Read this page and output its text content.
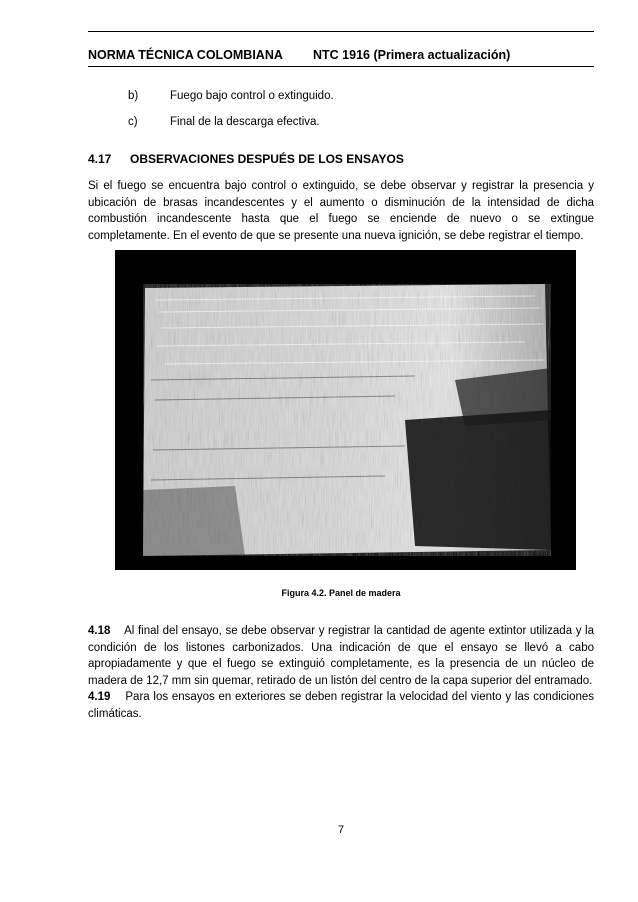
NORMA TÉCNICA COLOMBIANA NTC 1916 (Primera actualización)
b)	Fuego bajo control o extinguido.
c)	Final de la descarga efectiva.
4.17 OBSERVACIONES DESPUÉS DE LOS ENSAYOS
Si el fuego se encuentra bajo control o extinguido, se debe observar y registrar la presencia y ubicación de brasas incandescentes y el aumento o disminución de la intensidad de dicha combustión incandescente hasta que el fuego se enciende de nuevo o se extingue completamente. En el evento de que se presente una nueva ignición, se debe registrar el tiempo.
Figura 4.2. Panel de madera
4.18 Al final del ensayo, se debe observar y registrar la cantidad de agente extintor utilizada y la condición de los listones carbonizados. Una indicación de que el ensayo se llevó a cabo apropiadamente y que el fuego se extinguió completamente, es la presencia de un núcleo de madera de 12,7 mm sin quemar, retirado de un listón del centro de la capa superior del entramado.
4.19 Para los ensayos en exteriores se deben registrar la velocidad del viento y las condiciones climáticas.
7
